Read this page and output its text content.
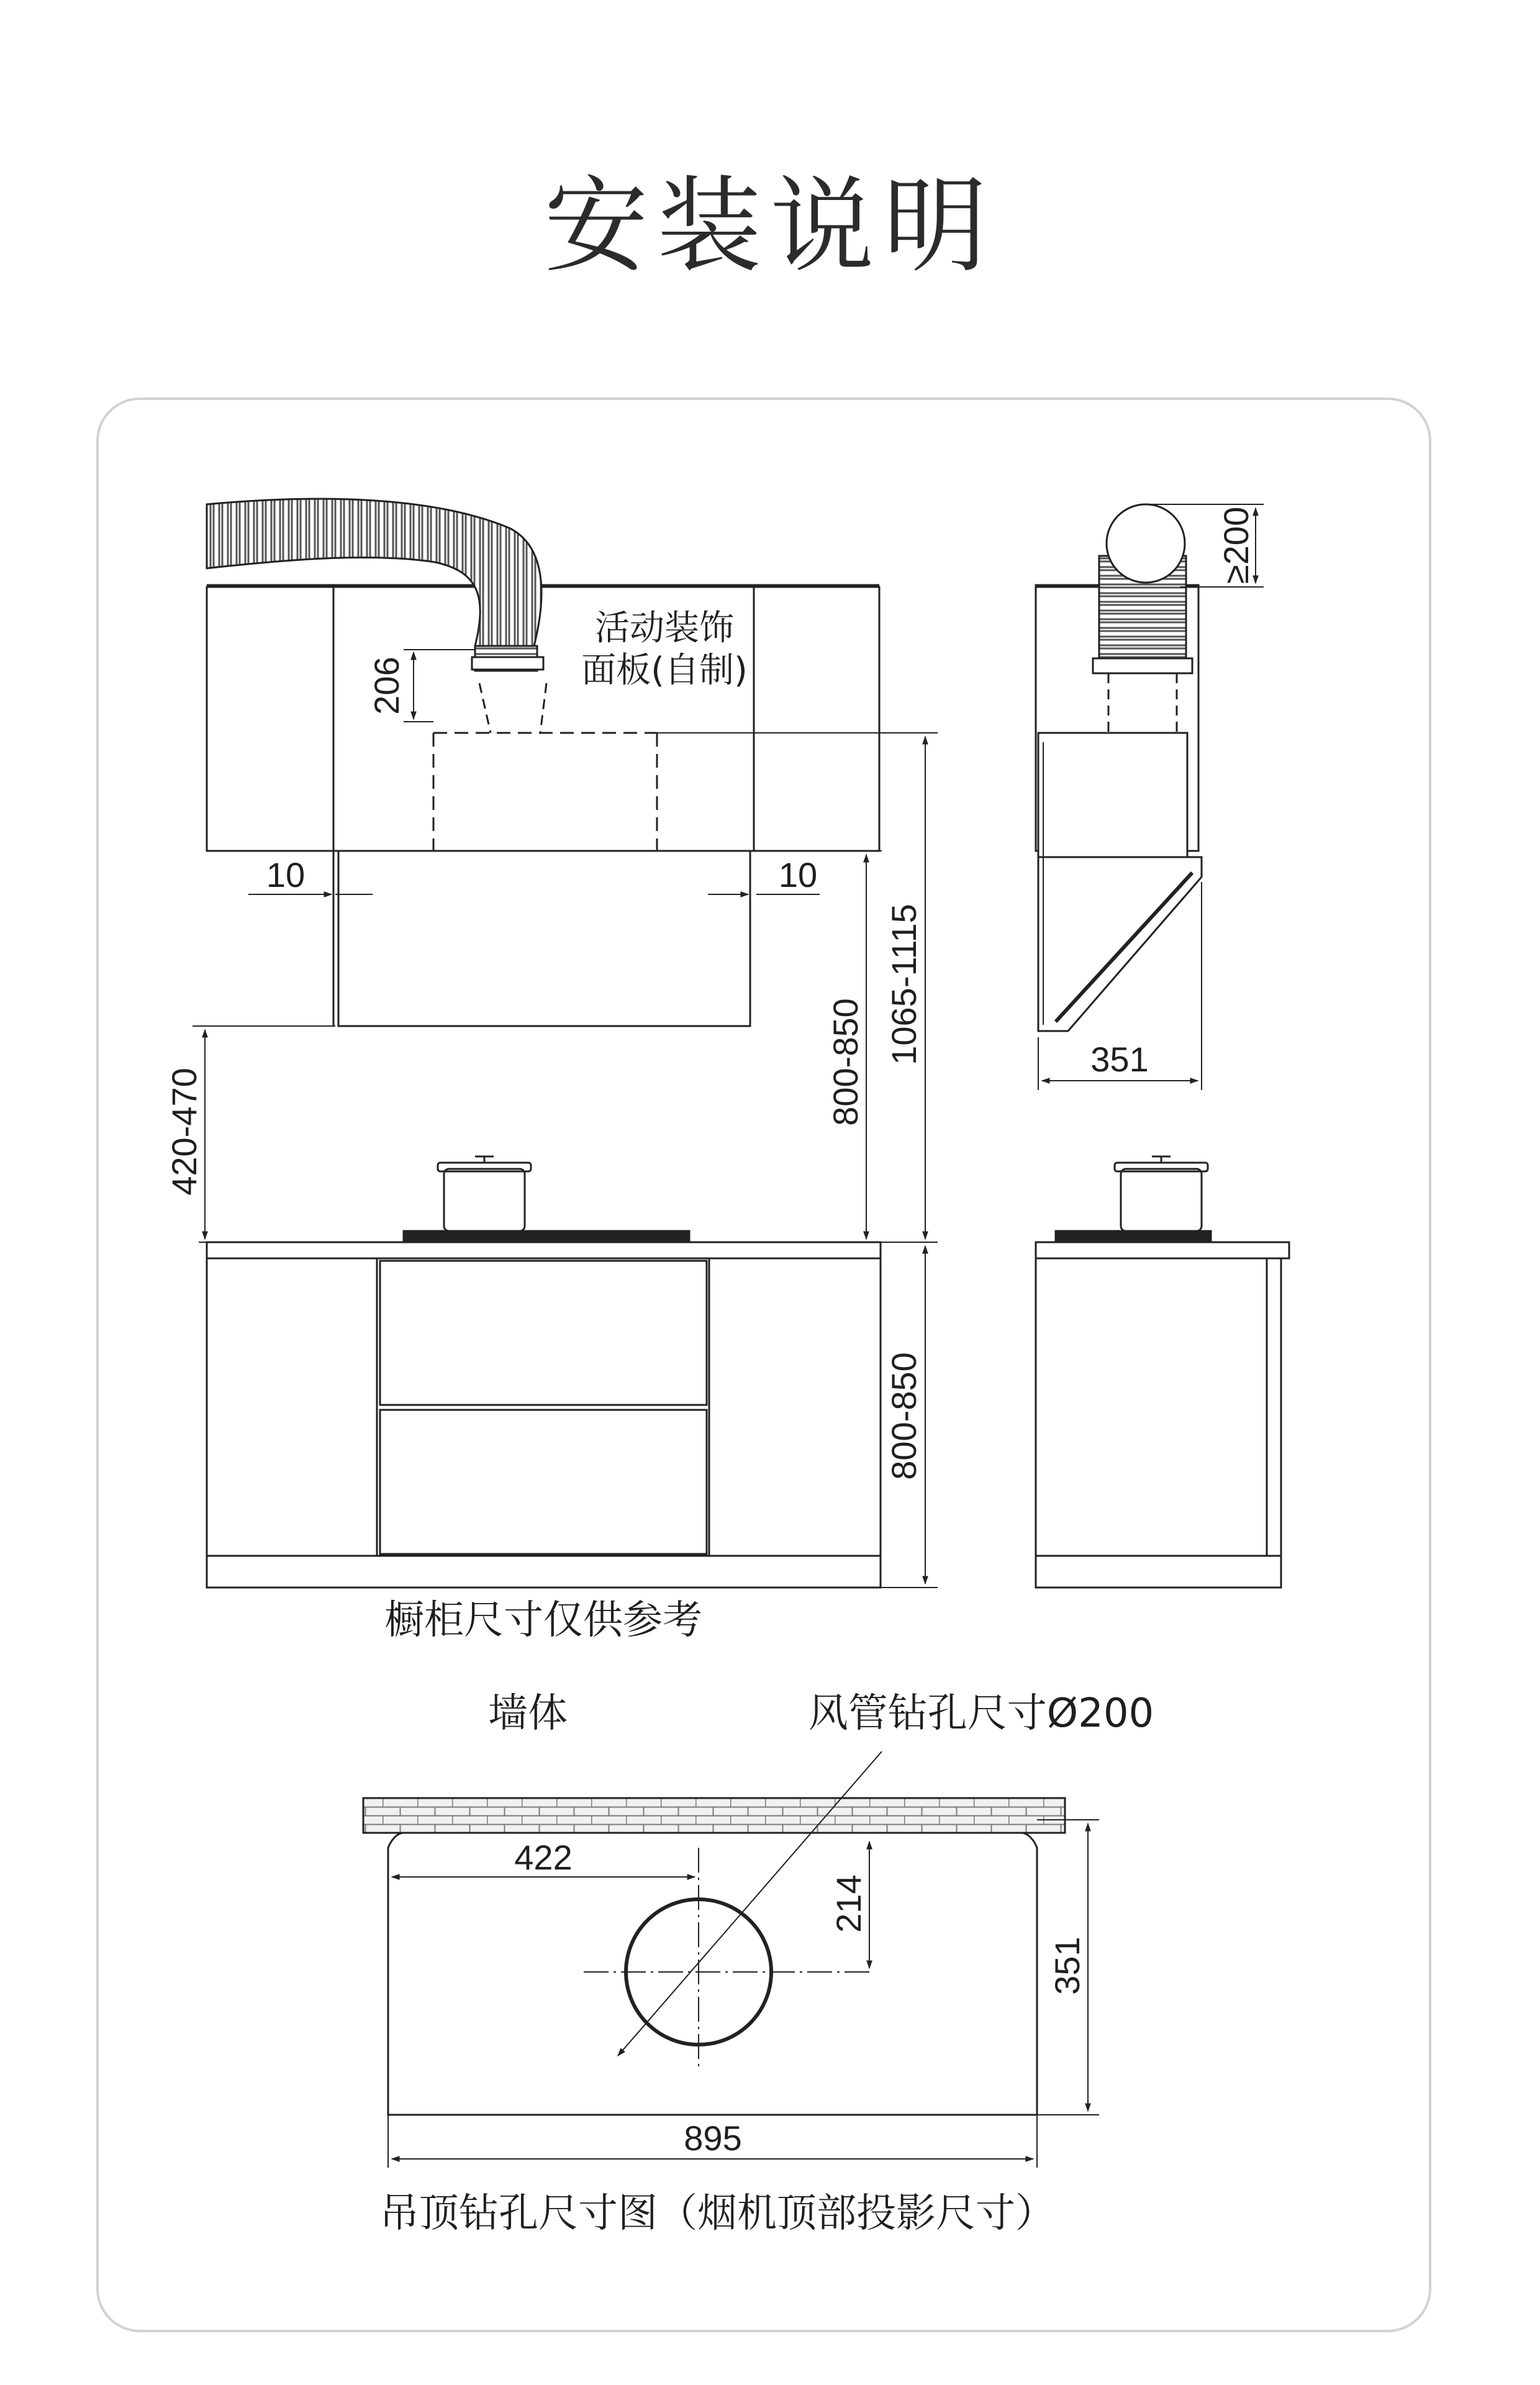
安装说明
活动装饰
面板(自制)
206
10	10
420-470
800-850 1065-1115
800-850
≥200
351
橱柜尺寸仅供参考
墙体	风管钻孔尺寸Ø200
422
214
351
895
吊顶钻孔尺寸图（烟机顶部投影尺寸）
